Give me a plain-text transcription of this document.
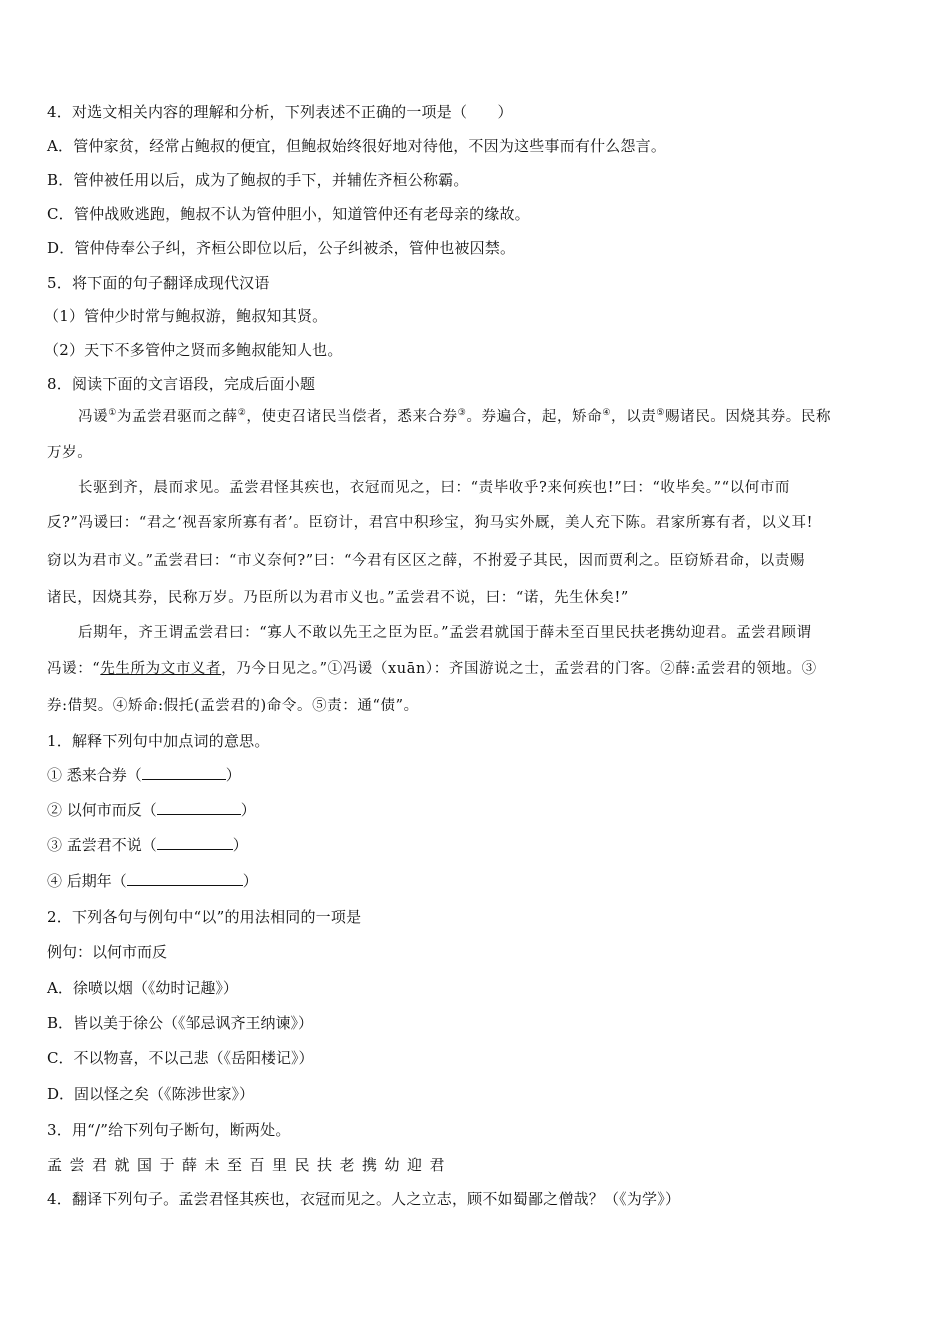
4．对选文相关内容的理解和分析，下列表述不正确的一项是（　　）
A．管仲家贫，经常占鲍叔的便宜，但鲍叔始终很好地对待他，不因为这些事而有什么怨言。
B．管仲被任用以后，成为了鲍叔的手下，并辅佐齐桓公称霸。
C．管仲战败逃跑，鲍叔不认为管仲胆小，知道管仲还有老母亲的缘故。
D．管仲侍奉公子纠，齐桓公即位以后，公子纠被杀，管仲也被囚禁。
5．将下面的句子翻译成现代汉语
（1）管仲少时常与鲍叔游，鲍叔知其贤。
（2）天下不多管仲之贤而多鲍叔能知人也。
8．阅读下面的文言语段，完成后面小题
冯谖①为孟尝君驱而之薛②，使吏召诸民当偿者，悉来合券③。券遍合，起，矫命④，以责⑤赐诸民。因烧其券。民称
万岁。
长驱到齐，晨而求见。孟尝君怪其疾也，衣冠而见之，曰：“责毕收乎?来何疾也!”曰：“收毕矣。”“以何市而
反?”冯谖曰：“君之‘视吾家所寡有者’。臣窃计，君宫中积珍宝，狗马实外厩，美人充下陈。君家所寡有者，以义耳!
窃以为君市义。”孟尝君曰：“市义奈何?”曰：“今君有区区之薛，不拊爱子其民，因而贾利之。臣窃矫君命，以责赐
诸民，因烧其券，民称万岁。乃臣所以为君市义也。”孟尝君不说，曰：“诺，先生休矣!”
后期年，齐王谓孟尝君曰：“寡人不敢以先王之臣为臣。”孟尝君就国于薛未至百里民扶老携幼迎君。孟尝君顾谓
冯谖：“先生所为文市义者，乃今日见之。”①冯谖（xuān）：齐国游说之士，孟尝君的门客。②薛:孟尝君的领地。③
券:借契。④矫命:假托(孟尝君的)命令。⑤责：通“债”。
1．解释下列句中加点词的意思。
① 悉来合券（	）
② 以何市而反（	）
③ 孟尝君不说（	）
④ 后期年（	）
2．下列各句与例句中“以”的用法相同的一项是
例句：以何市而反
A．徐喷以烟（《幼时记趣》）
B．皆以美于徐公（《邹忌讽齐王纳谏》）
C．不以物喜，不以己悲（《岳阳楼记》）
D．固以怪之矣（《陈涉世家》）
3．用“/”给下列句子断句，断两处。
孟尝君就国于薛未至百里民扶老携幼迎君
4．翻译下列句子。孟尝君怪其疾也，衣冠而见之。人之立志，顾不如蜀鄙之僧哉？（《为学》）
